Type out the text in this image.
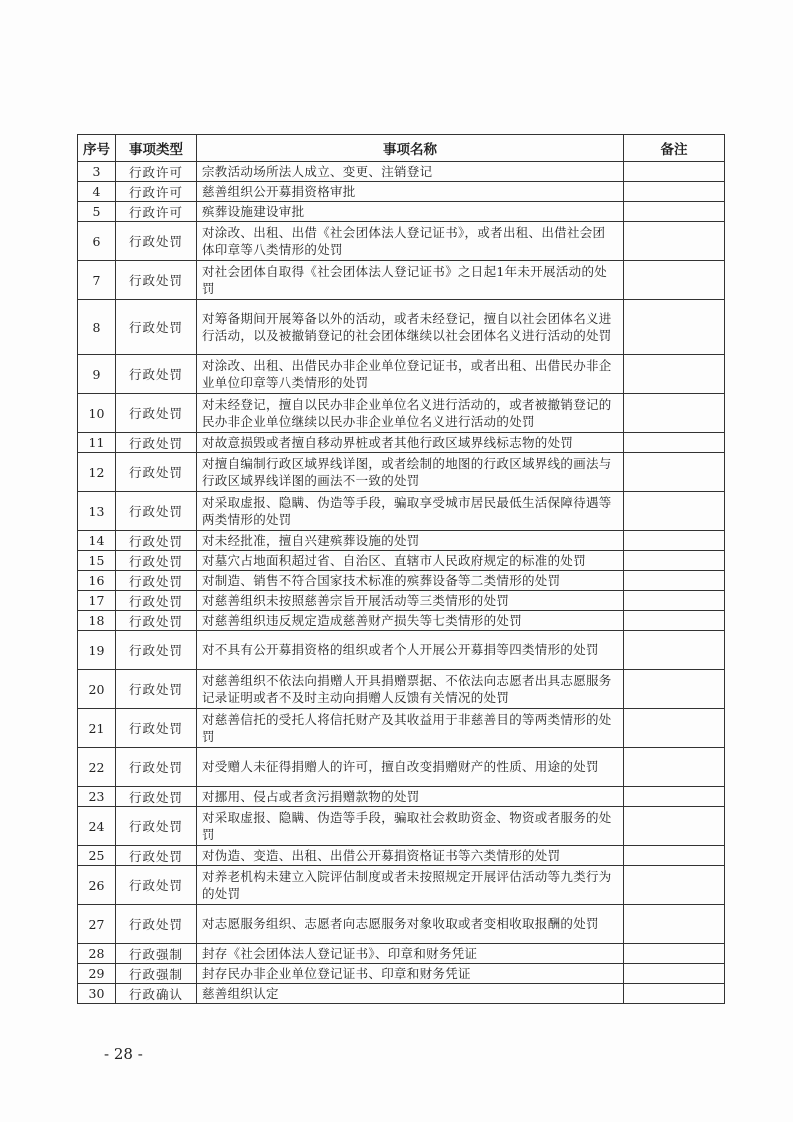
序号	事项类型	事项名称	备注
3	行政许可	宗教活动场所法人成立、变更、注销登记	
4	行政许可	慈善组织公开募捐资格审批	
5	行政许可	殡葬设施建设审批	
6	行政处罚	对涂改、出租、出借《社会团体法人登记证书》，或者出租、出借社会团体印章等八类情形的处罚	
7	行政处罚	对社会团体自取得《社会团体法人登记证书》之日起1年未开展活动的处罚	
8	行政处罚	对筹备期间开展筹备以外的活动，或者未经登记，擅自以社会团体名义进行活动，以及被撤销登记的社会团体继续以社会团体名义进行活动的处罚	
9	行政处罚	对涂改、出租、出借民办非企业单位登记证书，或者出租、出借民办非企业单位印章等八类情形的处罚	
10	行政处罚	对未经登记，擅自以民办非企业单位名义进行活动的，或者被撤销登记的民办非企业单位继续以民办非企业单位名义进行活动的处罚	
11	行政处罚	对故意损毁或者擅自移动界桩或者其他行政区域界线标志物的处罚	
12	行政处罚	对擅自编制行政区域界线详图，或者绘制的地图的行政区域界线的画法与行政区域界线详图的画法不一致的处罚	
13	行政处罚	对采取虚报、隐瞒、伪造等手段，骗取享受城市居民最低生活保障待遇等两类情形的处罚	
14	行政处罚	对未经批准，擅自兴建殡葬设施的处罚	
15	行政处罚	对墓穴占地面积超过省、自治区、直辖市人民政府规定的标准的处罚	
16	行政处罚	对制造、销售不符合国家技术标准的殡葬设备等二类情形的处罚	
17	行政处罚	对慈善组织未按照慈善宗旨开展活动等三类情形的处罚	
18	行政处罚	对慈善组织违反规定造成慈善财产损失等七类情形的处罚	
19	行政处罚	对不具有公开募捐资格的组织或者个人开展公开募捐等四类情形的处罚	
20	行政处罚	对慈善组织不依法向捐赠人开具捐赠票据、不依法向志愿者出具志愿服务记录证明或者不及时主动向捐赠人反馈有关情况的处罚	
21	行政处罚	对慈善信托的受托人将信托财产及其收益用于非慈善目的等两类情形的处罚	
22	行政处罚	对受赠人未征得捐赠人的许可，擅自改变捐赠财产的性质、用途的处罚	
23	行政处罚	对挪用、侵占或者贪污捐赠款物的处罚	
24	行政处罚	对采取虚报、隐瞒、伪造等手段，骗取社会救助资金、物资或者服务的处罚	
25	行政处罚	对伪造、变造、出租、出借公开募捐资格证书等六类情形的处罚	
26	行政处罚	对养老机构未建立入院评估制度或者未按照规定开展评估活动等九类行为的处罚	
27	行政处罚	对志愿服务组织、志愿者向志愿服务对象收取或者变相收取报酬的处罚	
28	行政强制	封存《社会团体法人登记证书》、印章和财务凭证	
29	行政强制	封存民办非企业单位登记证书、印章和财务凭证	
30	行政确认	慈善组织认定	
- 28 -
